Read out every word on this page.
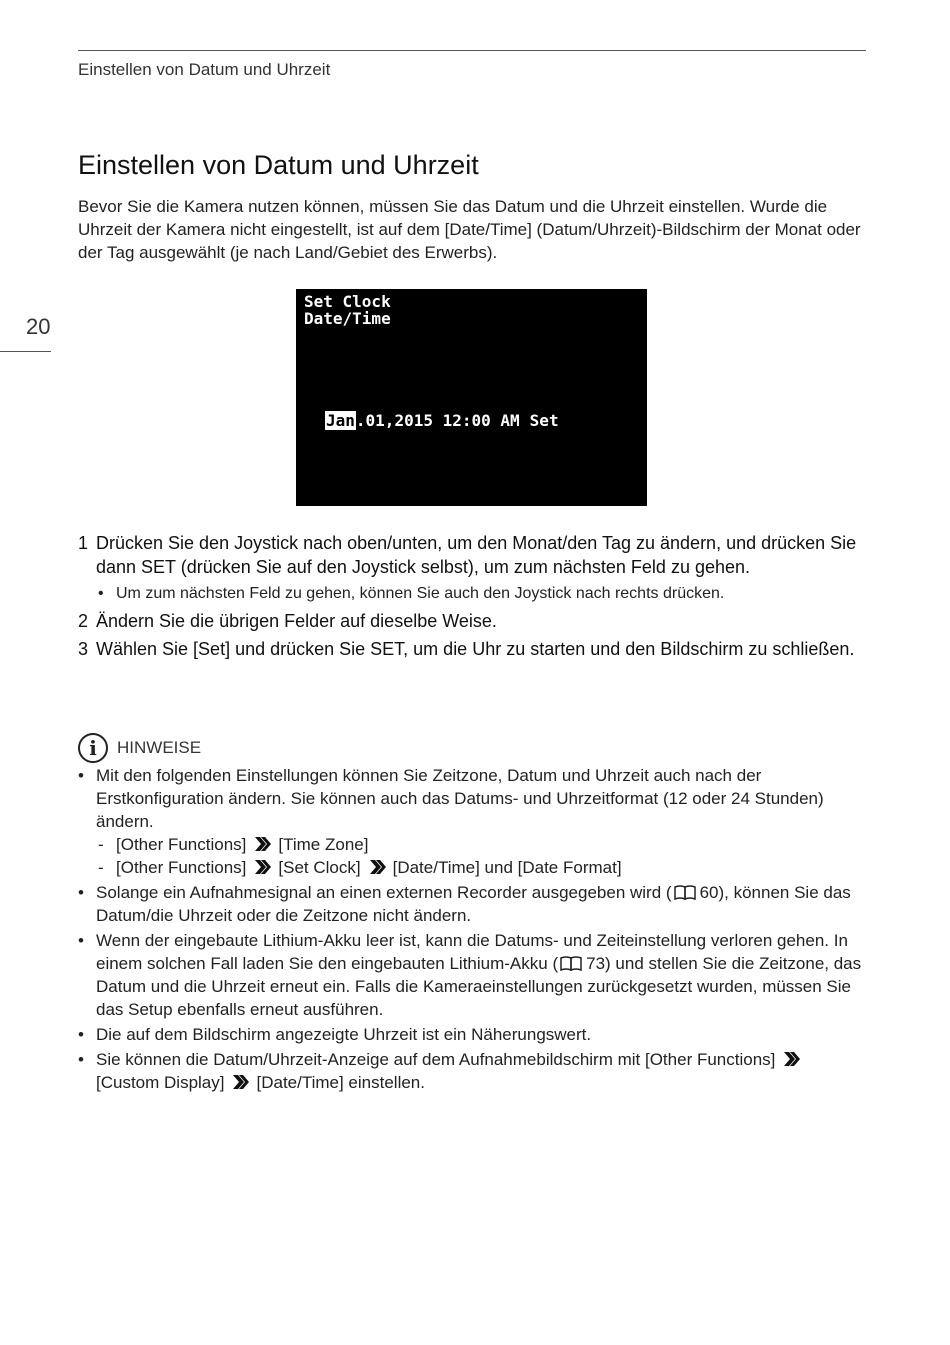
Einstellen von Datum und Uhrzeit
20
Einstellen von Datum und Uhrzeit

Bevor Sie die Kamera nutzen können, müssen Sie das Datum und die Uhrzeit einstellen. Wurde die Uhrzeit der Kamera nicht eingestellt, ist auf dem [Date/Time] (Datum/Uhrzeit)-Bildschirm der Monat oder der Tag ausgewählt (je nach Land/Gebiet des Erwerbs).

Set Clock
Date/Time
Jan.01,2015 12:00 AM Set
1 Drücken Sie den Joystick nach oben/unten, um den Monat/den Tag zu ändern, und drücken Sie dann SET (drücken Sie auf den Joystick selbst), um zum nächsten Feld zu gehen.
• Um zum nächsten Feld zu gehen, können Sie auch den Joystick nach rechts drücken.
2 Ändern Sie die übrigen Felder auf dieselbe Weise.
3 Wählen Sie [Set] und drücken Sie SET, um die Uhr zu starten und den Bildschirm zu schließen.
i	HINWEISE
• Mit den folgenden Einstellungen können Sie Zeitzone, Datum und Uhrzeit auch nach der Erstkonfiguration ändern. Sie können auch das Datums- und Uhrzeitformat (12 oder 24 Stunden) ändern.
- [Other Functions] [Time Zone]
- [Other Functions] [Set Clock] [Date/Time] und [Date Format]
• Solange ein Aufnahmesignal an einen externen Recorder ausgegeben wird ( 60), können Sie das Datum/die Uhrzeit oder die Zeitzone nicht ändern.
• Wenn der eingebaute Lithium-Akku leer ist, kann die Datums- und Zeiteinstellung verloren gehen. In einem solchen Fall laden Sie den eingebauten Lithium-Akku ( 73) und stellen Sie die Zeitzone, das Datum und die Uhrzeit erneut ein. Falls die Kameraeinstellungen zurückgesetzt wurden, müssen Sie das Setup ebenfalls erneut ausführen.
• Die auf dem Bildschirm angezeigte Uhrzeit ist ein Näherungswert.
• Sie können die Datum/Uhrzeit-Anzeige auf dem Aufnahmebildschirm mit [Other Functions][Custom Display] [Date/Time] einstellen.
